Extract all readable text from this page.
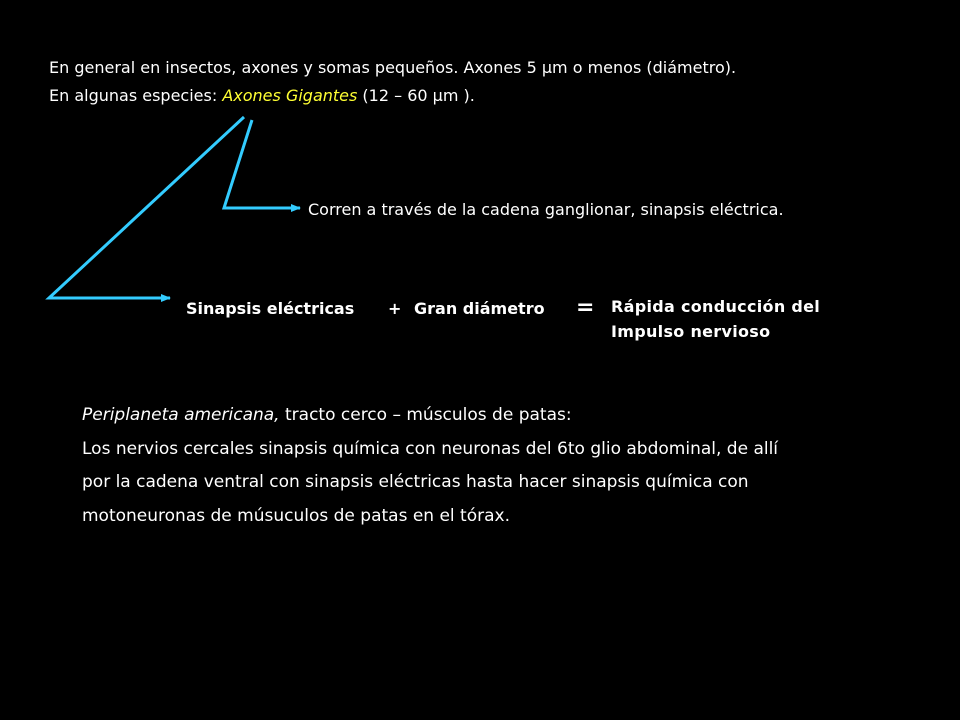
En general en insectos, axones y somas pequeños. Axones 5 μm o menos (diámetro).
En algunas especies: Axones Gigantes (12 – 60 μm ).
Corren a través de la cadena ganglionar, sinapsis eléctrica.
Sinapsis eléctricas + Gran diámetro = Rápida conducción del
Impulso nervioso
Periplaneta americana, tracto cerco – músculos de patas:
Los nervios cercales sinapsis química con neuronas del 6to glio abdominal, de allí
por la cadena ventral con sinapsis eléctricas hasta hacer sinapsis química con
motoneuronas de músuculos de patas en el tórax.
